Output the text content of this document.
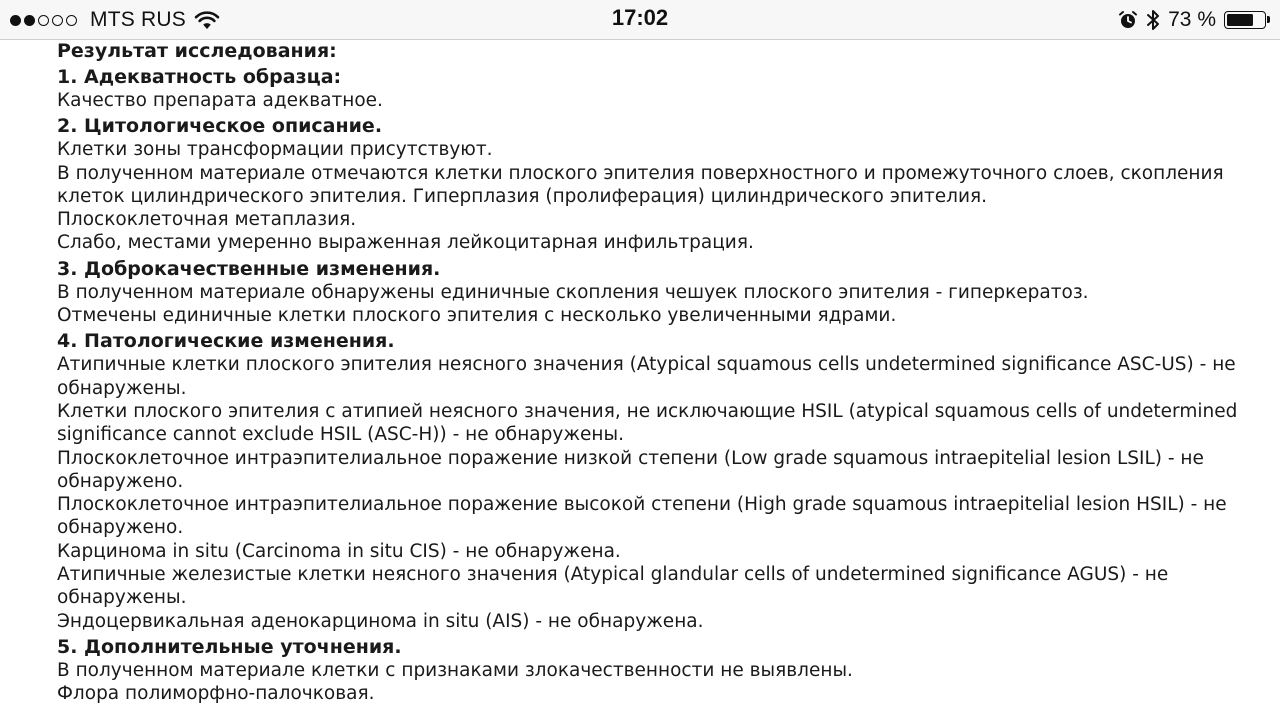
MTS RUS	17:02	73 %
Результат исследования:
1. Адекватность образца:

Качество препарата адекватное.

2. Цитологическое описание.

Клетки зоны трансформации присутствуют.

В полученном материале отмечаются клетки плоского эпителия поверхностного и промежуточного слоев, скопления клеток цилиндрического эпителия. Гиперплазия (пролиферация) цилиндрического эпителия.

Плоскоклеточная метаплазия.

Слабо, местами умеренно выраженная лейкоцитарная инфильтрация.

3. Доброкачественные изменения.

В полученном материале обнаружены единичные скопления чешуек плоского эпителия - гиперкератоз.

Отмечены единичные клетки плоского эпителия с несколько увеличенными ядрами.

4. Патологические изменения.

Атипичные клетки плоского эпителия неясного значения (Atypical squamous cells undetermined significance ASC-US) - не обнаружены.

Клетки плоского эпителия с атипией неясного значения, не исключающие HSIL (atypical squamous cells of undetermined significance cannot exclude HSIL (ASC-H)) - не обнаружены.

Плоскоклеточное интраэпителиальное поражение низкой степени (Low grade squamous intraepitelial lesion LSIL) - не обнаружено.

Плоскоклеточное интраэпителиальное поражение высокой степени (High grade squamous intraepitelial lesion HSIL) - не обнаружено.

Карцинома in situ (Carcinoma in situ CIS) - не обнаружена.

Атипичные железистые клетки неясного значения (Atypical glandular cells of undetermined significance AGUS) - не обнаружены.

Эндоцервикальная аденокарцинома in situ (AIS) - не обнаружена.

5. Дополнительные уточнения.

В полученном материале клетки с признаками злокачественности не выявлены.

Флора полиморфно-палочковая.
